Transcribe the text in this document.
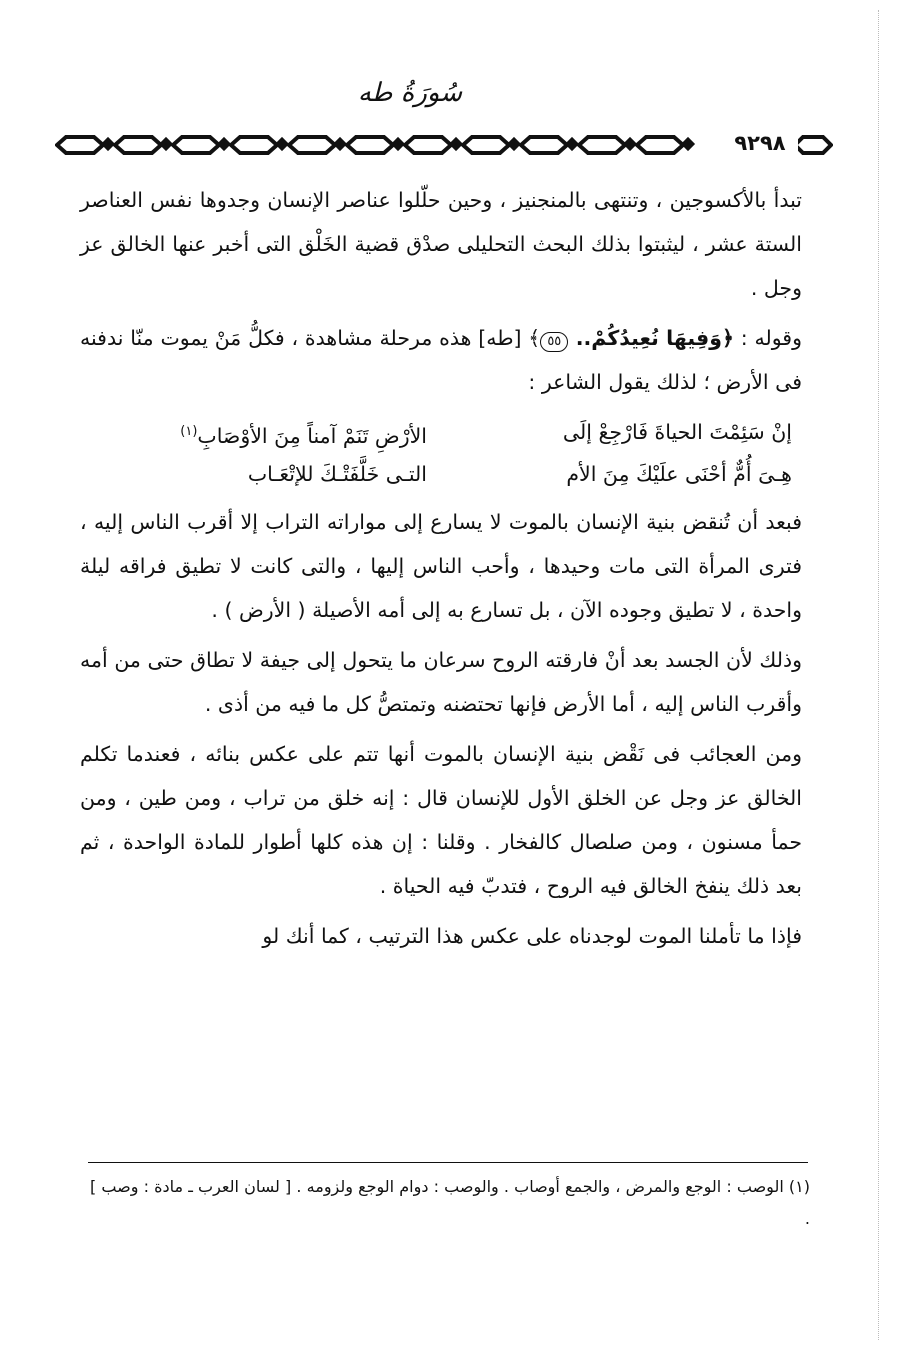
سُورَةُ طه
٩٢٩٨

تبدأ بالأكسوجين ، وتنتهى بالمنجنيز ، وحين حلّلوا عناصر الإنسان وجدوها نفس العناصر الستة عشر ، ليثبتوا بذلك البحث التحليلى صدْق قضية الخَلْق التى أخبر عنها الخالق عز وجل .

وقوله : ﴿وَفِيهَا نُعِيدُكُمْ.. ٥٥﴾ [طه] هذه مرحلة مشاهدة ، فكلُّ مَنْ يموت منّا ندفنه فى الأرض ؛ لذلك يقول الشاعر :

إنْ سَئِمْتَ الحياةَ فَارْجِعْ إلَى
الأرْضِ تَنَمْ آمناً مِنَ الأوْصَابِ$^{(١)}$
هِـىَ أُمٌّ أحْنَى علَيْكَ مِنَ الأم
التـى خَلَّفَتْـكَ للإتْعَـاب

فبعد أن تُنقض بنية الإنسان بالموت لا يسارع إلى مواراته التراب إلا أقرب الناس إليه ، فترى المرأة التى مات وحيدها ، وأحب الناس إليها ، والتى كانت لا تطيق فراقه ليلة واحدة ، لا تطيق وجوده الآن ، بل تسارع به إلى أمه الأصيلة ( الأرض ) .

وذلك لأن الجسد بعد أنْ فارقته الروح سرعان ما يتحول إلى جيفة لا تطاق حتى من أمه وأقرب الناس إليه ، أما الأرض فإنها تحتضنه وتمتصُّ كل ما فيه من أذى .

ومن العجائب فى نَقْض بنية الإنسان بالموت أنها تتم على عكس بنائه ، فعندما تكلم الخالق عز وجل عن الخلق الأول للإنسان قال : إنه خلق من تراب ، ومن طين ، ومن حمأ مسنون ، ومن صلصال كالفخار . وقلنا : إن هذه كلها أطوار للمادة الواحدة ، ثم بعد ذلك ينفخ الخالق فيه الروح ، فتدبّ فيه الحياة .

فإذا ما تأملنا الموت لوجدناه على عكس هذا الترتيب ، كما أنك لو

(١) الوصب : الوجع والمرض ، والجمع أوصاب . والوصب : دوام الوجع ولزومه . [ لسان العرب ـ مادة : وصب ] .
